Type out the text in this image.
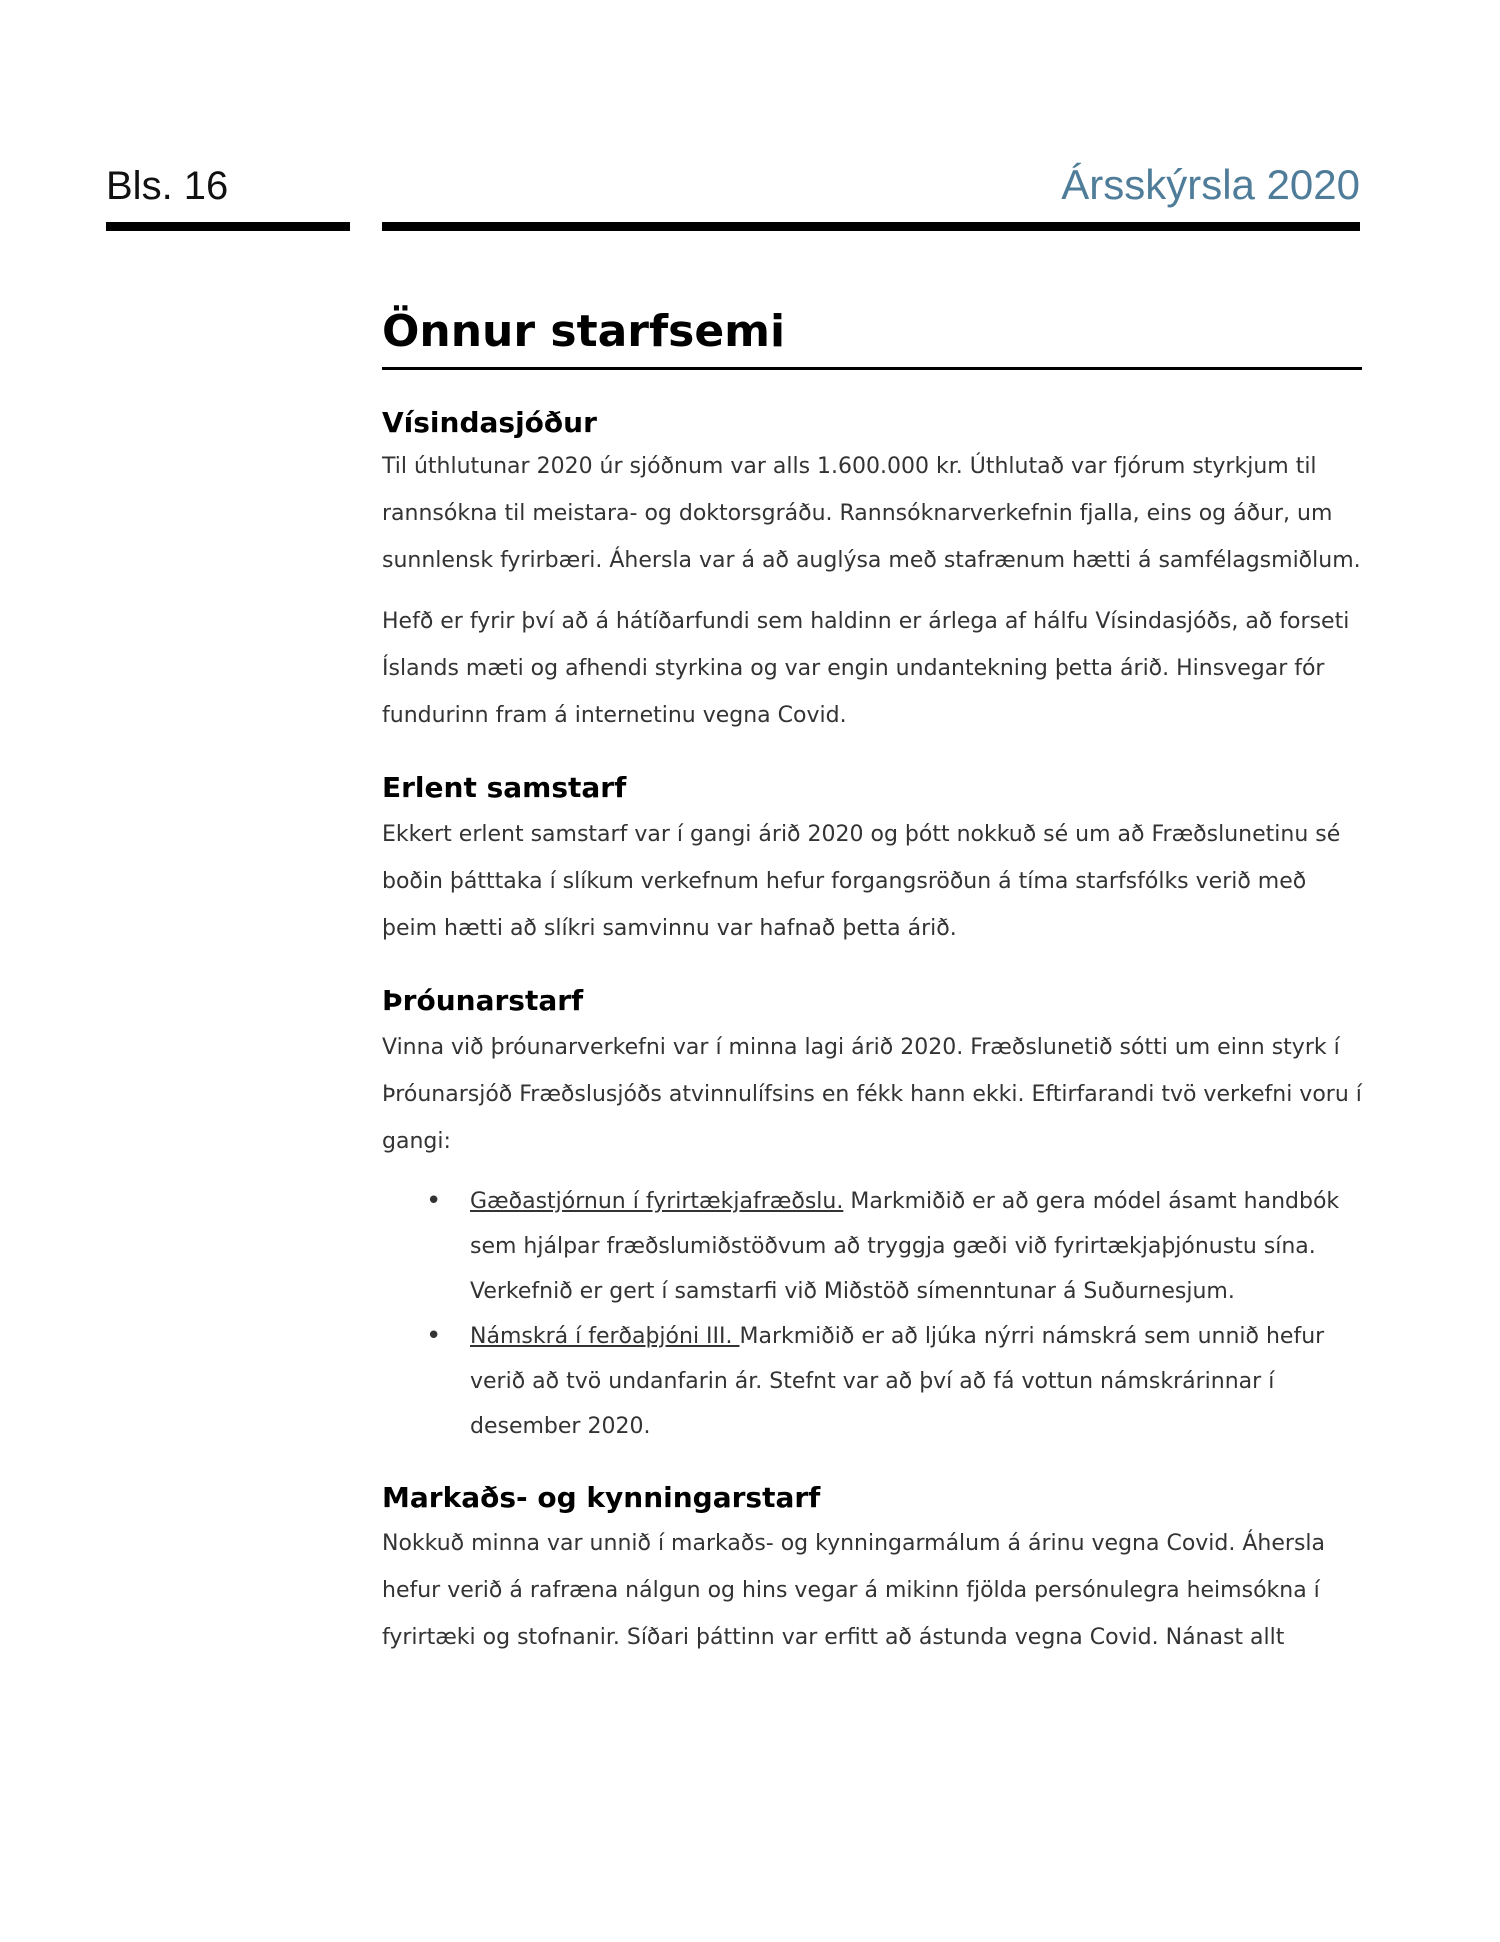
Bls. 16	Ársskýrsla 2020
Önnur starfsemi
Vísindasjóður

Til úthlutunar 2020 úr sjóðnum var alls 1.600.000 kr. Úthlutað var fjórum styrkjum til rannsókna til meistara- og doktorsgráðu. Rannsóknarverkefnin fjalla, eins og áður, um sunnlensk fyrirbæri. Áhersla var á að auglýsa með stafrænum hætti á samfélagsmiðlum.

Hefð er fyrir því að á hátíðarfundi sem haldinn er árlega af hálfu Vísindasjóðs, að forseti Íslands mæti og afhendi styrkina og var engin undantekning þetta árið. Hinsvegar fór fundurinn fram á internetinu vegna Covid.

Erlent samstarf

Ekkert erlent samstarf var í gangi árið 2020 og þótt nokkuð sé um að Fræðslunetinu sé boðin þátttaka í slíkum verkefnum hefur forgangsröðun á tíma starfsfólks verið með þeim hætti að slíkri samvinnu var hafnað þetta árið.

Þróunarstarf

Vinna við þróunarverkefni var í minna lagi árið 2020. Fræðslunetið sótti um einn styrk í Þróunarsjóð Fræðslusjóðs atvinnulífsins en fékk hann ekki. Eftirfarandi tvö verkefni voru í gangi:

• Gæðastjórnun í fyrirtækjafræðslu. Markmiðið er að gera módel ásamt handbók sem hjálpar fræðslumiðstöðvum að tryggja gæði við fyrirtækjaþjónustu sína. Verkefnið er gert í samstarfi við Miðstöð símenntunar á Suðurnesjum.
• Námskrá í ferðaþjóni III. Markmiðið er að ljúka nýrri námskrá sem unnið hefur verið að tvö undanfarin ár. Stefnt var að því að fá vottun námskrárinnar í desember 2020.
Markaðs- og kynningarstarf

Nokkuð minna var unnið í markaðs- og kynningarmálum á árinu vegna Covid. Áhersla hefur verið á rafræna nálgun og hins vegar á mikinn fjölda persónulegra heimsókna í fyrirtæki og stofnanir. Síðari þáttinn var erfitt að ástunda vegna Covid. Nánast allt
